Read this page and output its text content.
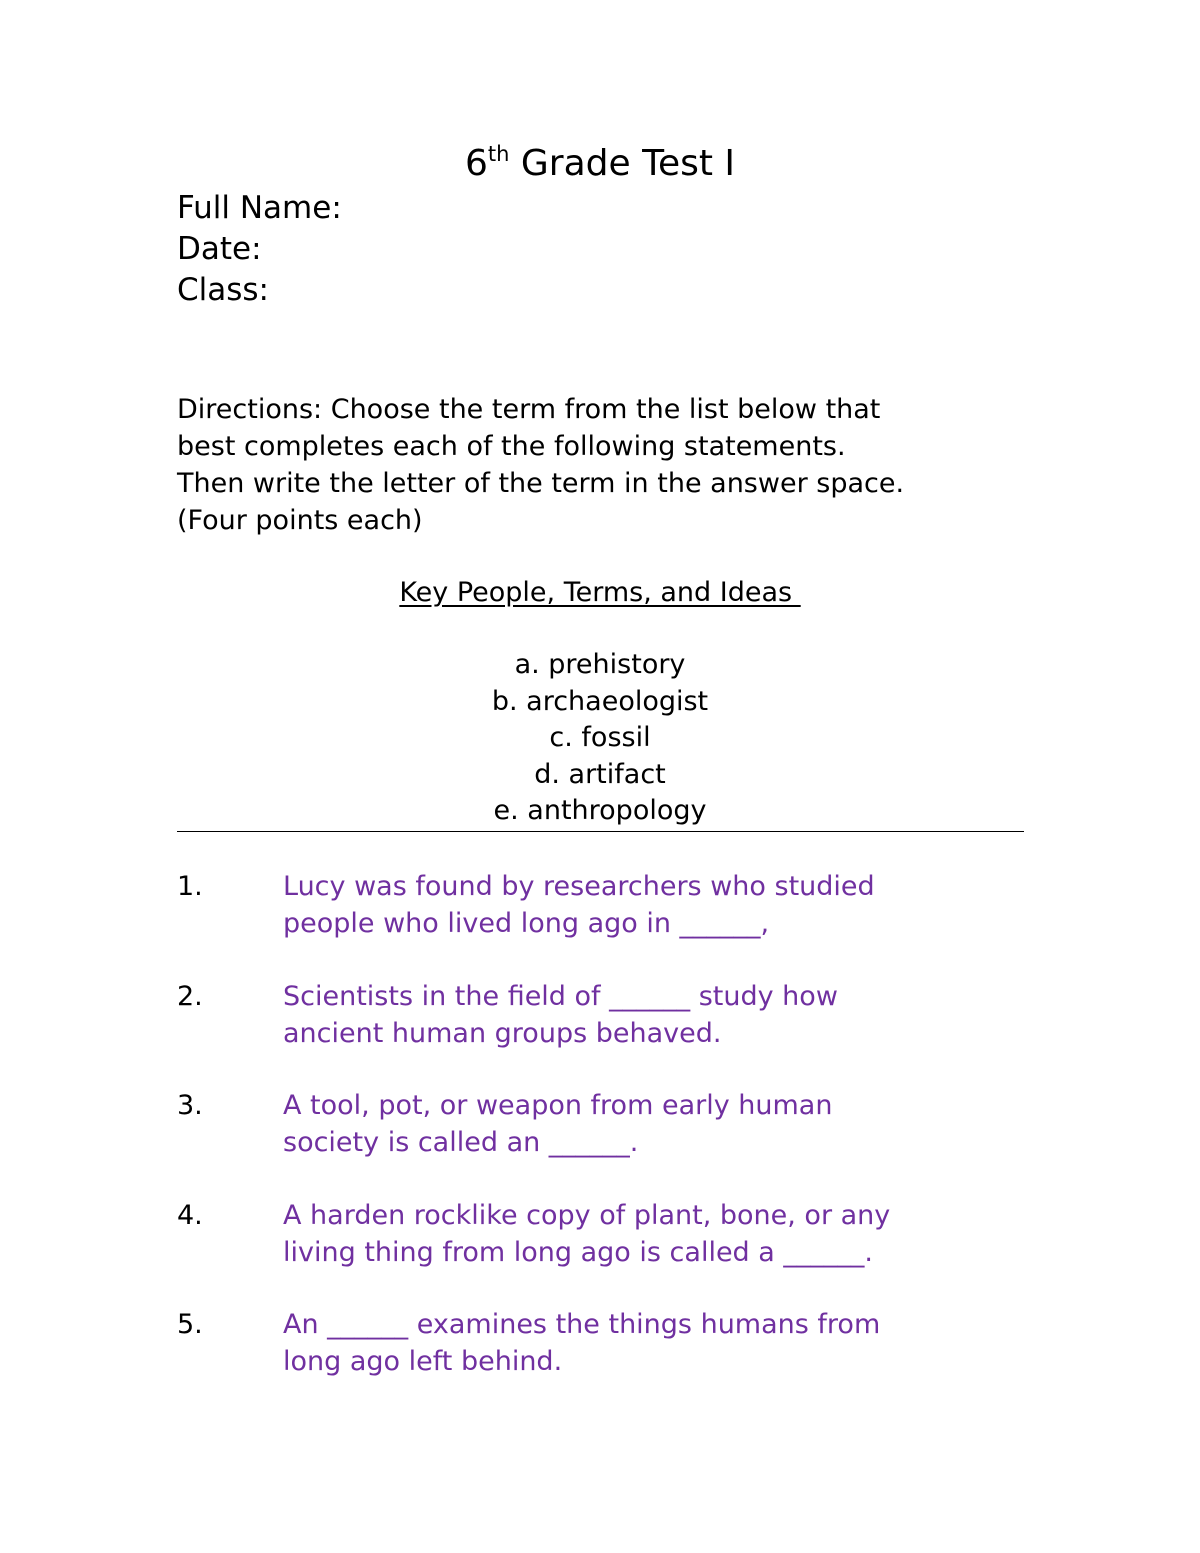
6th Grade Test I
Full Name:
Date:
Class:
Directions: Choose the term from the list below that
best completes each of the following statements.
Then write the letter of the term in the answer space.
(Four points each)
Key People, Terms, and Ideas
a. prehistory
b. archaeologist
c. fossil
d. artifact
e. anthropology
1.	Lucy was found by researchers who studied
people who lived long ago in ______,
2.	Scientists in the field of ______ study how
ancient human groups behaved.
3.	A tool, pot, or weapon from early human
society is called an ______.
4.	A harden rocklike copy of plant, bone, or any
living thing from long ago is called a ______.
5.	An ______ examines the things humans from
long ago left behind.
